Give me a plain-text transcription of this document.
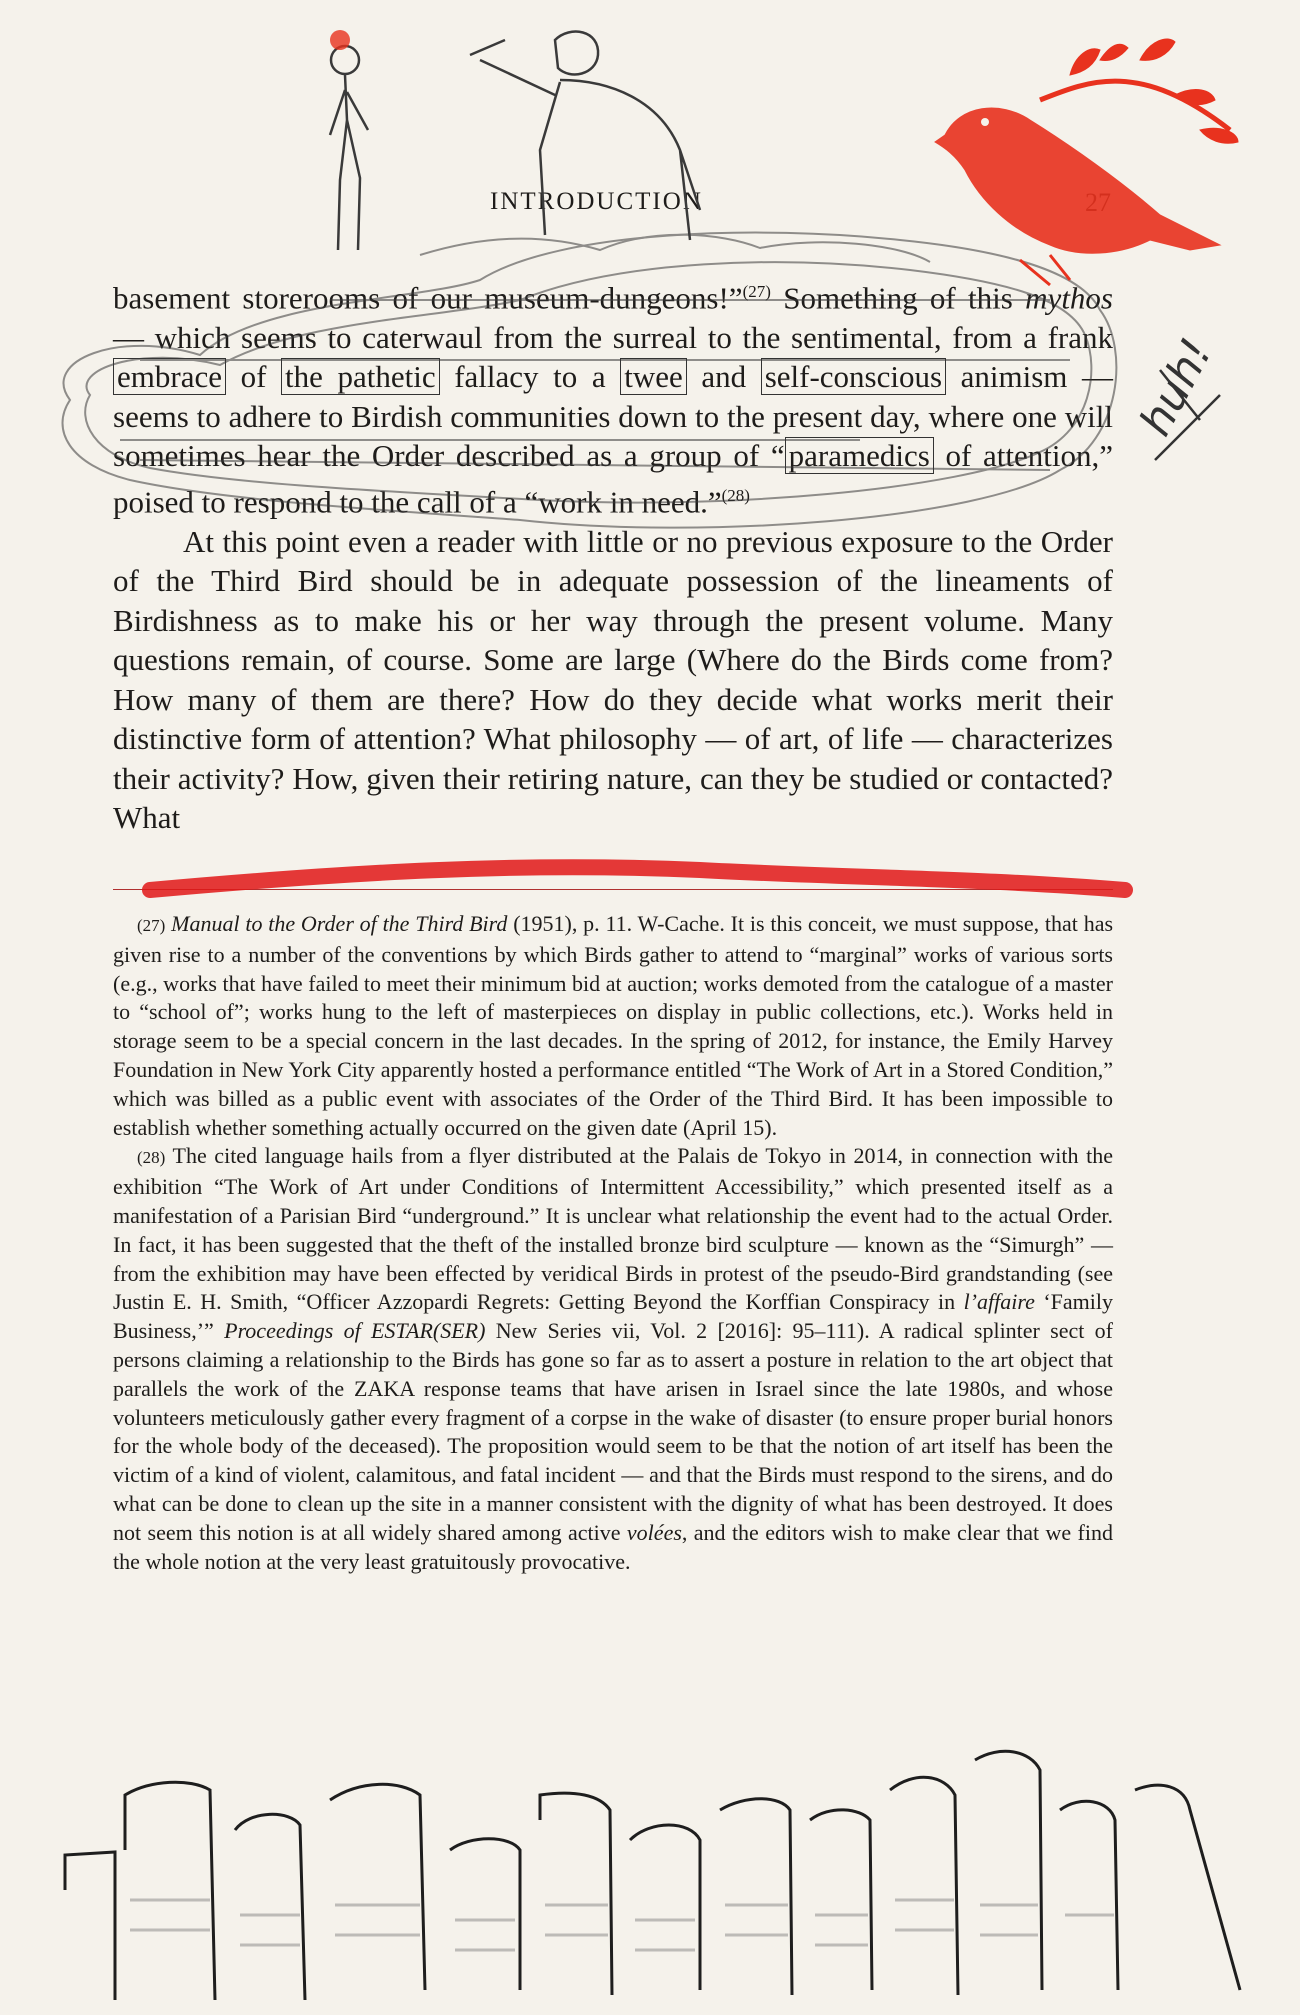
INTRODUCTION

basement storerooms of our museum-dungeons!”$^{(27)}$ Something of this mythos — which seems to caterwaul from the surreal to the sentimental, from a frank embrace of the pathetic fallacy to a twee and self-conscious animism — seems to adhere to Birdish communities down to the present day, where one will sometimes hear the Order described as a group of “ paramedics of attention,” poised to respond to the call of a “work in need.”$^{(28)}$

At this point even a reader with little or no previous exposure to the Order of the Third Bird should be in adequate possession of the lineaments of Birdishness as to make his or her way through the present volume. Many questions remain, of course. Some are large (Where do the Birds come from? How many of them are there? How do they decide what works merit their distinctive form of attention? What philosophy — of art, of life — characterizes their activity? How, given their retiring nature, can they be studied or contacted? What

(27) Manual to the Order of the Third Bird (1951), p. 11. W-Cache. It is this conceit, we must suppose, that has given rise to a number of the conventions by which Birds gather to attend to “marginal” works of various sorts (e.g., works that have failed to meet their minimum bid at auction; works demoted from the catalogue of a master to “school of”; works hung to the left of masterpieces on display in public collections, etc.). Works held in storage seem to be a special concern in the last decades. In the spring of 2012, for instance, the Emily Harvey Foundation in New York City apparently hosted a performance entitled “The Work of Art in a Stored Condition,” which was billed as a public event with associates of the Order of the Third Bird. It has been impossible to establish whether something actually occurred on the given date (April 15).

(28) The cited language hails from a flyer distributed at the Palais de Tokyo in 2014, in connection with the exhibition “The Work of Art under Conditions of Intermittent Accessibility,” which presented itself as a manifestation of a Parisian Bird “underground.” It is unclear what relationship the event had to the actual Order. In fact, it has been suggested that the theft of the installed bronze bird sculpture — known as the “Simurgh” — from the exhibition may have been effected by veridical Birds in protest of the pseudo-Bird grandstanding (see Justin E. H. Smith, “Officer Azzopardi Regrets: Getting Beyond the Korffian Conspiracy in l’affaire ‘Family Business,’” Proceedings of ESTAR(SER) New Series vii, Vol. 2 [2016]: 95–111). A radical splinter sect of persons claiming a relationship to the Birds has gone so far as to assert a posture in relation to the art object that parallels the work of the ZAKA response teams that have arisen in Israel since the late 1980s, and whose volunteers meticulously gather every fragment of a corpse in the wake of disaster (to ensure proper burial honors for the whole body of the deceased). The proposition would seem to be that the notion of art itself has been the victim of a kind of violent, calamitous, and fatal incident — and that the Birds must respond to the sirens, and do what can be done to clean up the site in a manner consistent with the dignity of what has been destroyed. It does not seem this notion is at all widely shared among active volées, and the editors wish to make clear that we find the whole notion at the very least gratuitously provocative.

huh!
